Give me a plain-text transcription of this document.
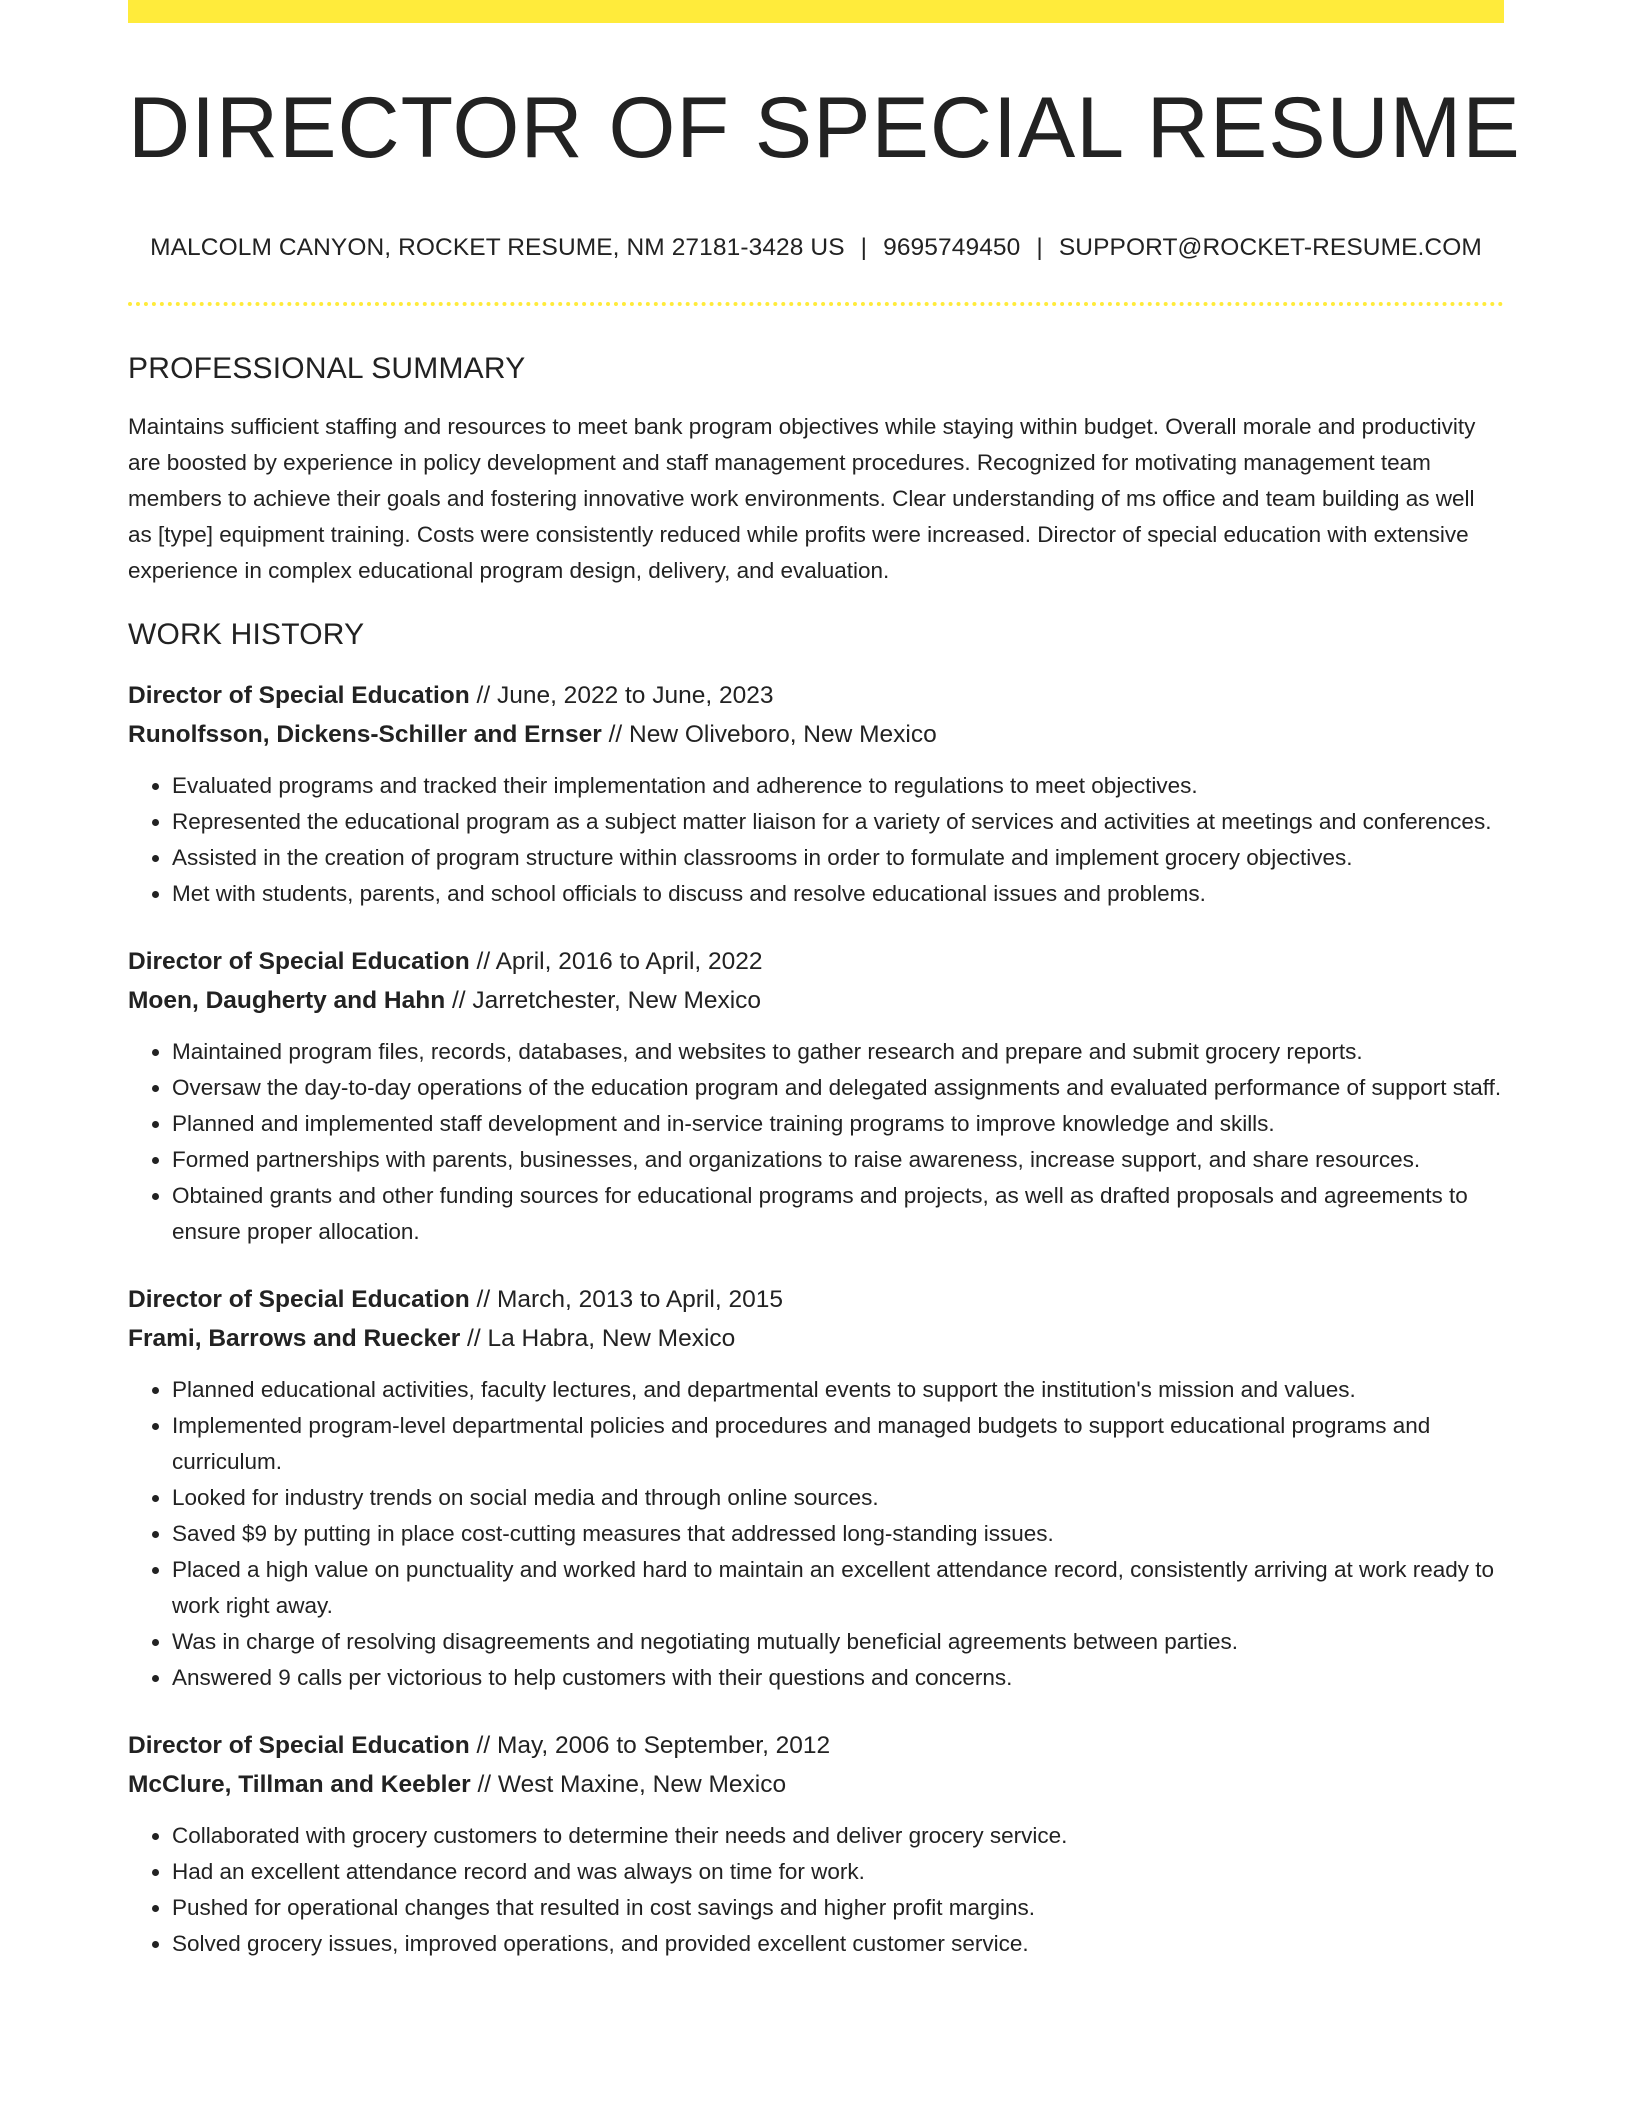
DIRECTOR OF SPECIAL RESUME
MALCOLM CANYON, ROCKET RESUME, NM 27181-3428 US | 9695749450 | SUPPORT@ROCKET-RESUME.COM
PROFESSIONAL SUMMARY

Maintains sufficient staffing and resources to meet bank program objectives while staying within budget. Overall morale and productivity are boosted by experience in policy development and staff management procedures. Recognized for motivating management team members to achieve their goals and fostering innovative work environments. Clear understanding of ms office and team building as well as [type] equipment training. Costs were consistently reduced while profits were increased. Director of special education with extensive experience in complex educational program design, delivery, and evaluation.

WORK HISTORY
Director of Special Education // June, 2022 to June, 2023
Runolfsson, Dickens-Schiller and Ernser // New Oliveboro, New Mexico
• Evaluated programs and tracked their implementation and adherence to regulations to meet objectives.
• Represented the educational program as a subject matter liaison for a variety of services and activities at meetings and conferences.
• Assisted in the creation of program structure within classrooms in order to formulate and implement grocery objectives.
• Met with students, parents, and school officials to discuss and resolve educational issues and problems.
Director of Special Education // April, 2016 to April, 2022
Moen, Daugherty and Hahn // Jarretchester, New Mexico
• Maintained program files, records, databases, and websites to gather research and prepare and submit grocery reports.
• Oversaw the day-to-day operations of the education program and delegated assignments and evaluated performance of support staff.
• Planned and implemented staff development and in-service training programs to improve knowledge and skills.
• Formed partnerships with parents, businesses, and organizations to raise awareness, increase support, and share resources.
• Obtained grants and other funding sources for educational programs and projects, as well as drafted proposals and agreements to ensure proper allocation.
Director of Special Education // March, 2013 to April, 2015
Frami, Barrows and Ruecker // La Habra, New Mexico
• Planned educational activities, faculty lectures, and departmental events to support the institution's mission and values.
• Implemented program-level departmental policies and procedures and managed budgets to support educational programs and curriculum.
• Looked for industry trends on social media and through online sources.
• Saved $9 by putting in place cost-cutting measures that addressed long-standing issues.
• Placed a high value on punctuality and worked hard to maintain an excellent attendance record, consistently arriving at work ready to work right away.
• Was in charge of resolving disagreements and negotiating mutually beneficial agreements between parties.
• Answered 9 calls per victorious to help customers with their questions and concerns.
Director of Special Education // May, 2006 to September, 2012
McClure, Tillman and Keebler // West Maxine, New Mexico
• Collaborated with grocery customers to determine their needs and deliver grocery service.
• Had an excellent attendance record and was always on time for work.
• Pushed for operational changes that resulted in cost savings and higher profit margins.
• Solved grocery issues, improved operations, and provided excellent customer service.
